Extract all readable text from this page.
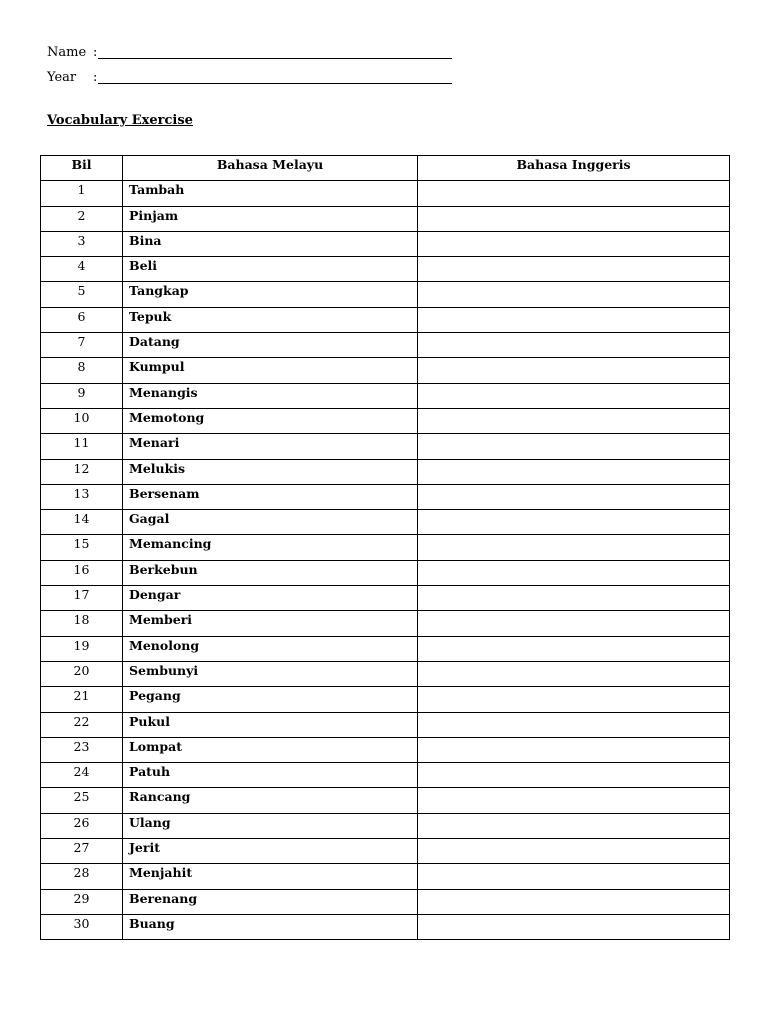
Name :
Year :
Vocabulary Exercise
Bil	Bahasa Melayu	Bahasa Inggeris
1	Tambah	
2	Pinjam	
3	Bina	
4	Beli	
5	Tangkap	
6	Tepuk	
7	Datang	
8	Kumpul	
9	Menangis	
10	Memotong	
11	Menari	
12	Melukis	
13	Bersenam	
14	Gagal	
15	Memancing	
16	Berkebun	
17	Dengar	
18	Memberi	
19	Menolong	
20	Sembunyi	
21	Pegang	
22	Pukul	
23	Lompat	
24	Patuh	
25	Rancang	
26	Ulang	
27	Jerit	
28	Menjahit	
29	Berenang	
30	Buang	
